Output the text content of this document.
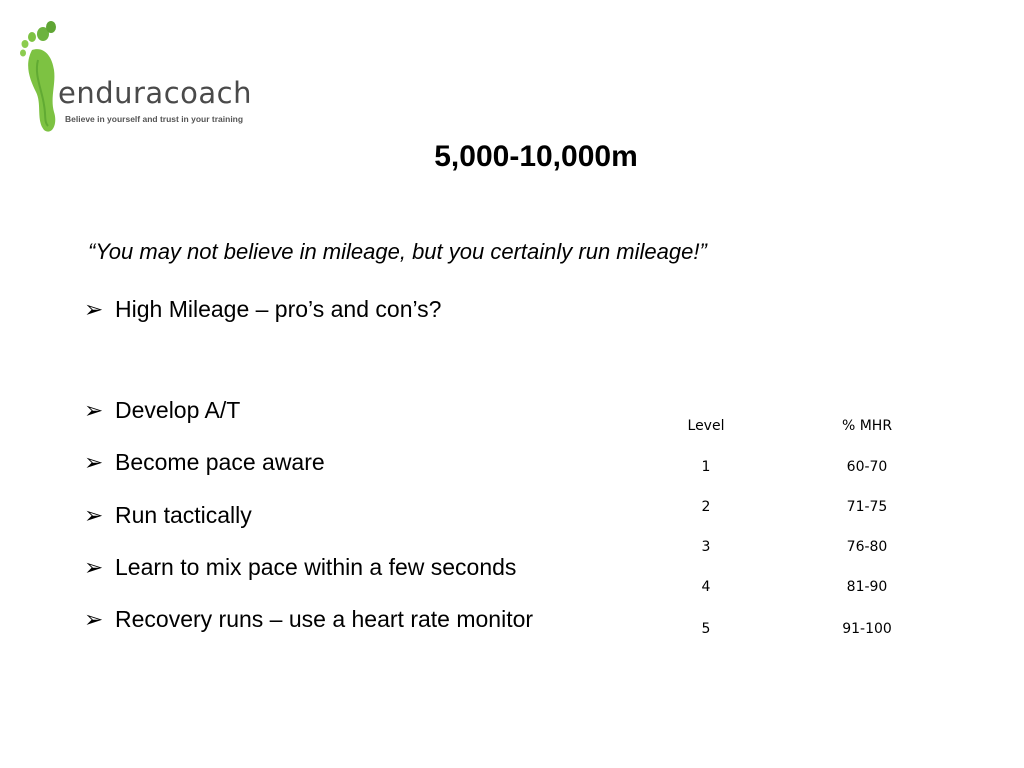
enduracoach
Believe in yourself and trust in your training
5,000-10,000m
“You may not believe in mileage, but you certainly run mileage!”
➢ High Mileage – pro’s and con’s?
➢ Develop A/T
➢ Become pace aware
➢ Run tactically
➢ Learn to mix pace within a few seconds
➢ Recovery runs – use a heart rate monitor
Level	% MHR
1	60-70
2	71-75
3	76-80
4	81-90
5	91-100
